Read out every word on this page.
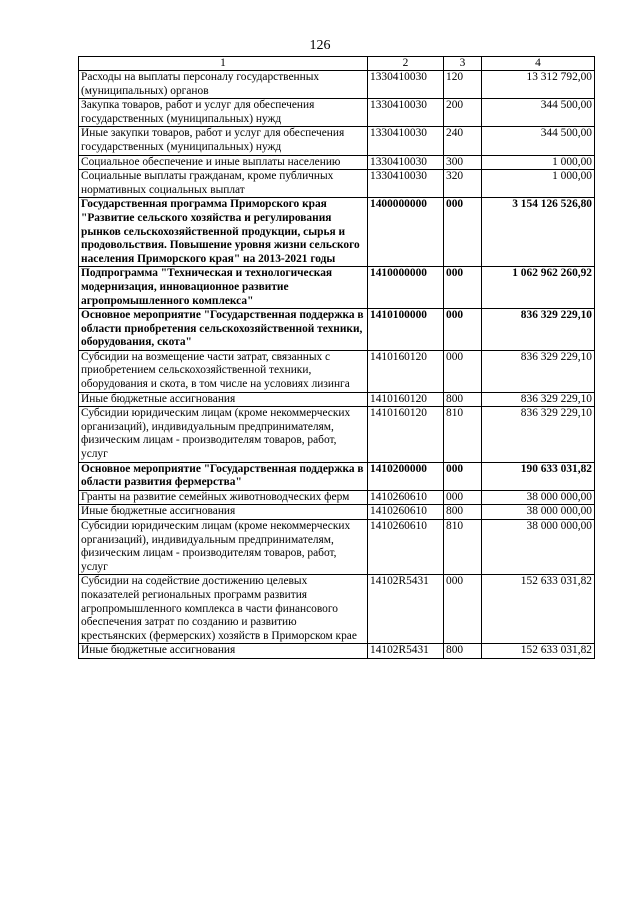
126
1	2	3	4
Расходы на выплаты персоналу государственных (муниципальных) органов	1330410030	120	13 312 792,00
Закупка товаров, работ и услуг для обеспечения государственных (муниципальных) нужд	1330410030	200	344 500,00
Иные закупки товаров, работ и услуг для обеспечения государственных (муниципальных) нужд	1330410030	240	344 500,00
Социальное обеспечение и иные выплаты населению	1330410030	300	1 000,00
Социальные выплаты гражданам, кроме публичных нормативных социальных выплат	1330410030	320	1 000,00
Государственная программа Приморского края "Развитие сельского хозяйства и регулирования рынков сельскохозяйственной продукции, сырья и продовольствия. Повышение уровня жизни сельского населения Приморского края" на 2013-2021 годы	1400000000	000	3 154 126 526,80
Подпрограмма "Техническая и технологическая модернизация, инновационное развитие агропромышленного комплекса"	1410000000	000	1 062 962 260,92
Основное мероприятие "Государственная поддержка в области приобретения сельскохозяйственной техники, оборудования, скота"	1410100000	000	836 329 229,10
Субсидии на возмещение части затрат, связанных с приобретением сельскохозяйственной техники, оборудования и скота, в том числе на условиях лизинга	1410160120	000	836 329 229,10
Иные бюджетные ассигнования	1410160120	800	836 329 229,10
Субсидии юридическим лицам (кроме некоммерческих организаций), индивидуальным предпринимателям, физическим лицам - производителям товаров, работ, услуг	1410160120	810	836 329 229,10
Основное мероприятие "Государственная поддержка в области развития фермерства"	1410200000	000	190 633 031,82
Гранты на развитие семейных животноводческих ферм	1410260610	000	38 000 000,00
Иные бюджетные ассигнования	1410260610	800	38 000 000,00
Субсидии юридическим лицам (кроме некоммерческих организаций), индивидуальным предпринимателям, физическим лицам - производителям товаров, работ, услуг	1410260610	810	38 000 000,00
Субсидии на содействие достижению целевых показателей региональных программ развития агропромышленного комплекса в части финансового обеспечения затрат по созданию и развитию крестьянских (фермерских) хозяйств в Приморском крае	14102R5431	000	152 633 031,82
Иные бюджетные ассигнования	14102R5431	800	152 633 031,82
